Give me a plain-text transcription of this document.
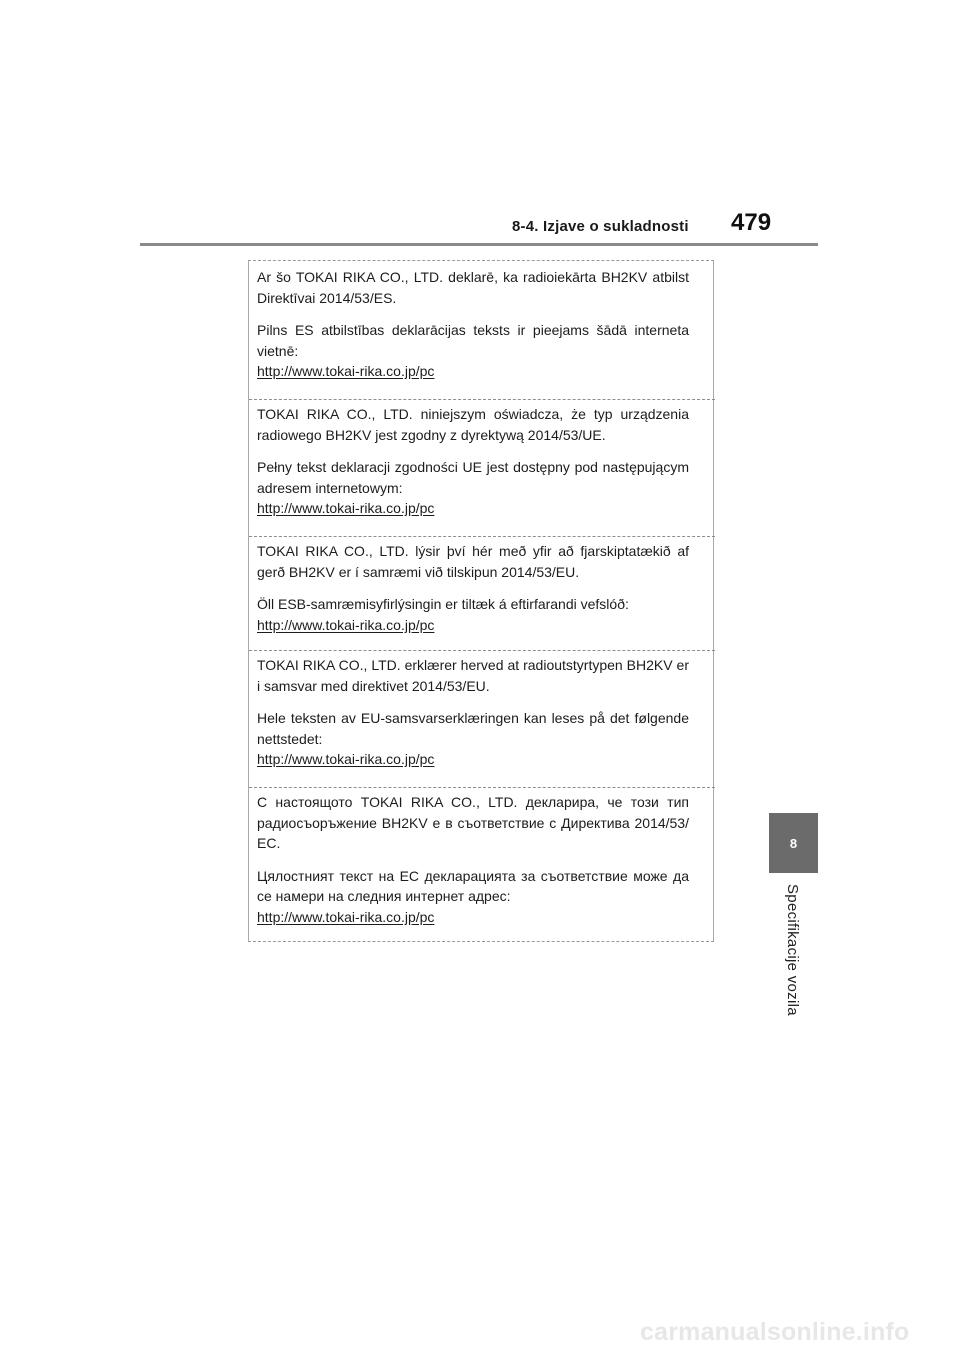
8-4. Izjave o sukladnosti 479

Ar šo TOKAI RIKA CO., LTD. deklarē, ka radioiekārta BH2KV atbilst Direktīvai 2014/53/ES.

Pilns ES atbilstības deklarācijas teksts ir pieejams šādā interneta vietnē:

http://www.tokai-rika.co.jp/pc

TOKAI RIKA CO., LTD. niniejszym oświadcza, że typ urządzenia radiowego BH2KV jest zgodny z dyrektywą 2014/53/UE.

Pełny tekst deklaracji zgodności UE jest dostępny pod następującym adresem internetowym:

http://www.tokai-rika.co.jp/pc

TOKAI RIKA CO., LTD. lýsir því hér með yfir að fjarskiptatækið af gerð BH2KV er í samræmi við tilskipun 2014/53/EU.

Öll ESB-samræmisyfirlýsingin er tiltæk á eftirfarandi vefslóð:

http://www.tokai-rika.co.jp/pc

TOKAI RIKA CO., LTD. erklærer herved at radioutstyrtypen BH2KV er i samsvar med direktivet 2014/53/EU.

Hele teksten av EU-samsvarserklæringen kan leses på det følgende nettstedet:

http://www.tokai-rika.co.jp/pc

С настоящото TOKAI RIKA CO., LTD. декларира, че този тип радиосъоръжение BH2KV е в съответствие с Директива 2014/53/ЕС.

Цялостният текст на ЕС декларацията за съответствие може да се намери на следния интернет адрес:

http://www.tokai-rika.co.jp/pc
8
Specifikacije vozila
carmanualsonline.info
